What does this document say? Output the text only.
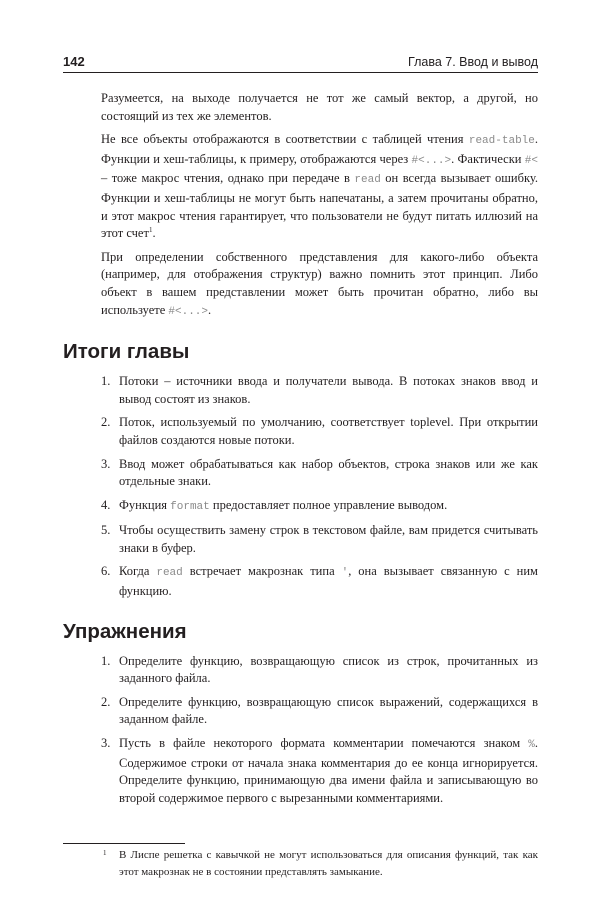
142	Глава 7. Ввод и вывод

Разумеется, на выходе получается не тот же самый вектор, а другой, но состоящий из тех же элементов.

Не все объекты отображаются в соответствии с таблицей чтения read-table. Функции и хеш-таблицы, к примеру, отображаются через #<...>. Фактически #< – тоже макрос чтения, однако при передаче в read он всегда вызывает ошибку. Функции и хеш-таблицы не могут быть напечатаны, а затем прочитаны обратно, и этот макрос чтения гарантирует, что пользователи не будут питать иллюзий на этот счет$^1$.

При определении собственного представления для какого-либо объекта (например, для отображения структур) важно помнить этот принцип. Либо объект в вашем представлении может быть прочитан обратно, либо вы используете #<...>.

Итоги главы
1. Потоки – источники ввода и получатели вывода. В потоках знаков ввод и вывод состоят из знаков.
2. Поток, используемый по умолчанию, соответствует toplevel. При открытии файлов создаются новые потоки.
3. Ввод может обрабатываться как набор объектов, строка знаков или же как отдельные знаки.
4. Функция format предоставляет полное управление выводом.
5. Чтобы осуществить замену строк в текстовом файле, вам придется считывать знаки в буфер.
6. Когда read встречает макрознак типа ', она вызывает связанную с ним функцию.
Упражнения
1. Определите функцию, возвращающую список из строк, прочитанных из заданного файла.
2. Определите функцию, возвращающую список выражений, содержащихся в заданном файле.
3. Пусть в файле некоторого формата комментарии помечаются знаком %. Содержимое строки от начала знака комментария до ее конца игнорируется. Определите функцию, принимающую два имени файла и записывающую во второй содержимое первого с вырезанными комментариями.
1	В Лиспе решетка с кавычкой не могут использоваться для описания функций, так как этот макрознак не в состоянии представлять замыкание.
